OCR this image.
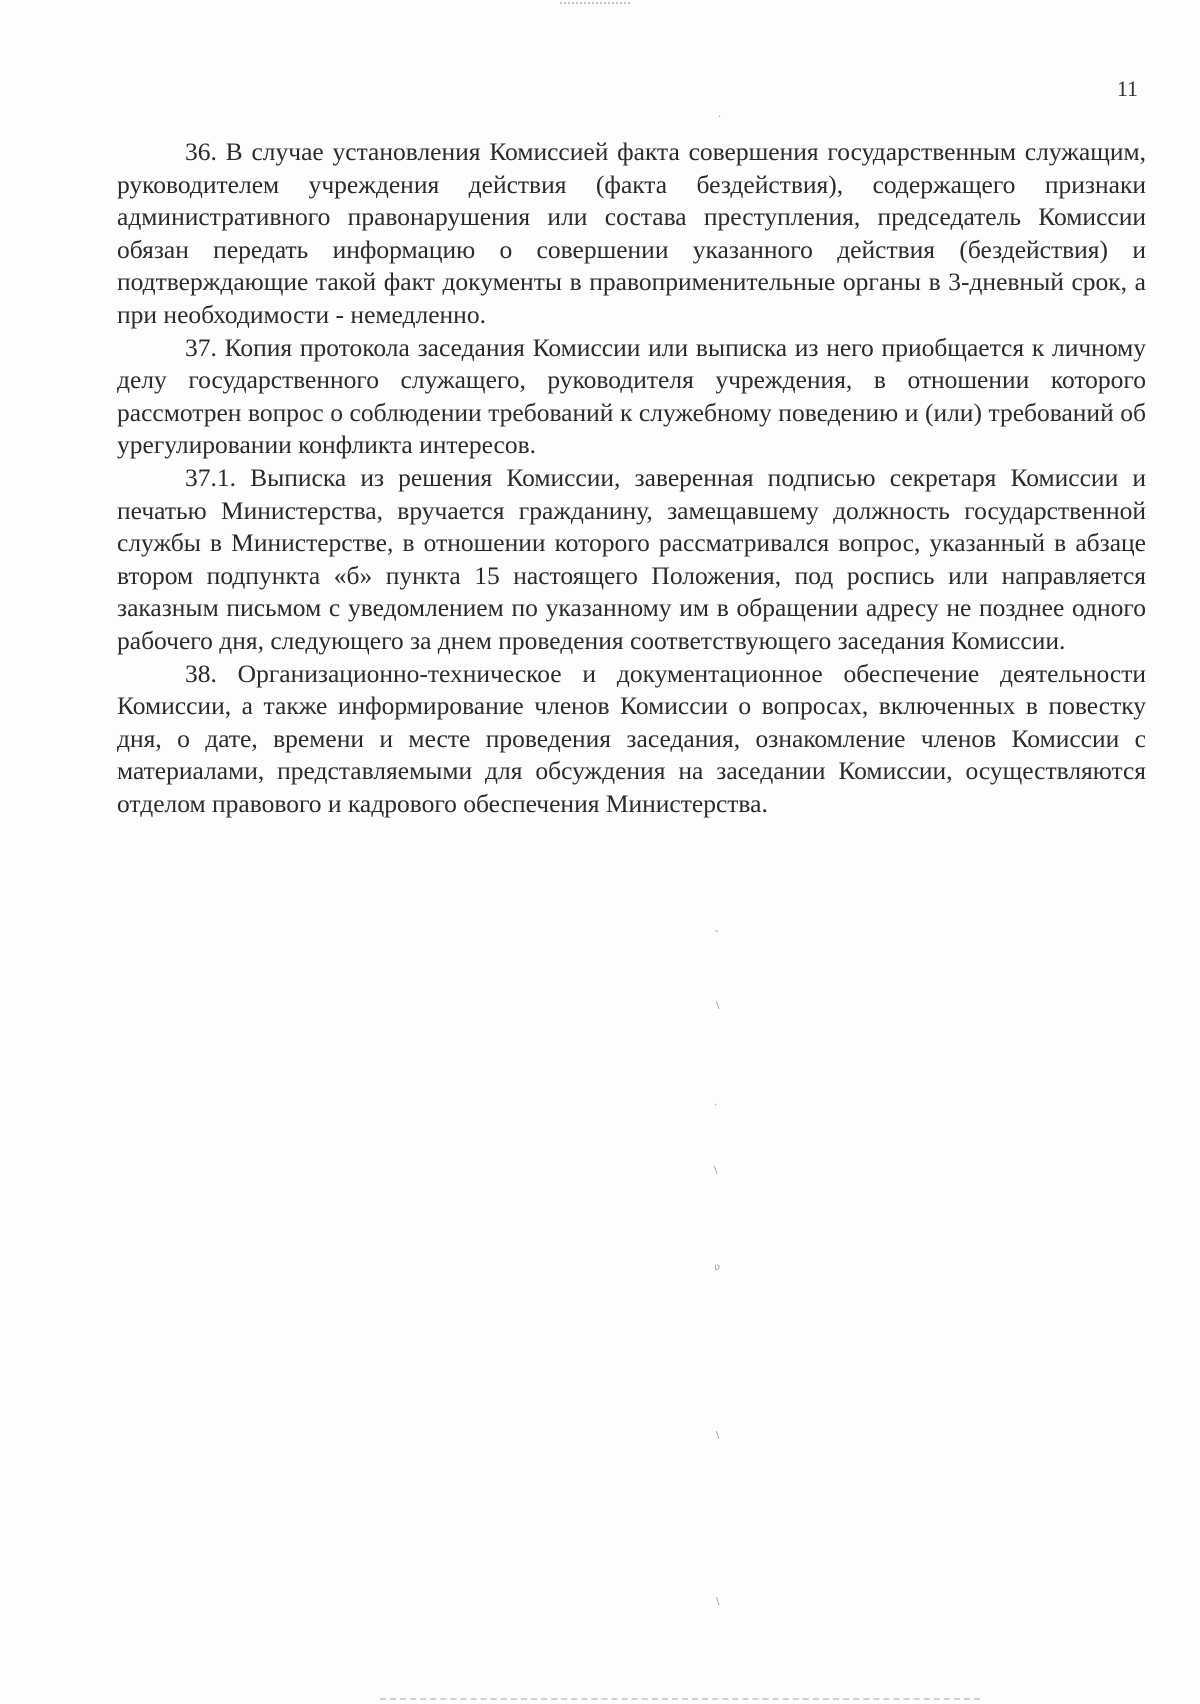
11

36. В случае установления Комиссией факта совершения государственным служащим, руководителем учреждения действия (факта бездействия), содержащего признаки административного правонарушения или состава преступления, председатель Комиссии обязан передать информацию о совершении указанного действия (бездействия) и подтверждающие такой факт документы в правоприменительные органы в 3-дневный срок, а при необходимости - немедленно.

37. Копия протокола заседания Комиссии или выписка из него приобщается к личному делу государственного служащего, руководителя учреждения, в отношении которого рассмотрен вопрос о соблюдении требований к служебному поведению и (или) требований об урегулировании конфликта интересов.

37.1. Выписка из решения Комиссии, заверенная подписью секретаря Комиссии и печатью Министерства, вручается гражданину, замещавшему должность государственной службы в Министерстве, в отношении которого рассматривался вопрос, указанный в абзаце втором подпункта «б» пункта 15 настоящего Положения, под роспись или направляется заказным письмом с уведомлением по указанному им в обращении адресу не позднее одного рабочего дня, следующего за днем проведения соответствующего заседания Комиссии.

38. Организационно-техническое и документационное обеспечение деятельности Комиссии, а также информирование членов Комиссии о вопросах, включенных в повестку дня, о дате, времени и месте проведения заседания, ознакомление членов Комиссии с материалами, представляемыми для обсуждения на заседании Комиссии, осуществляются отделом правового и кадрового обеспечения Министерства.

·
˘
\
·
\
ʋ
\
\
